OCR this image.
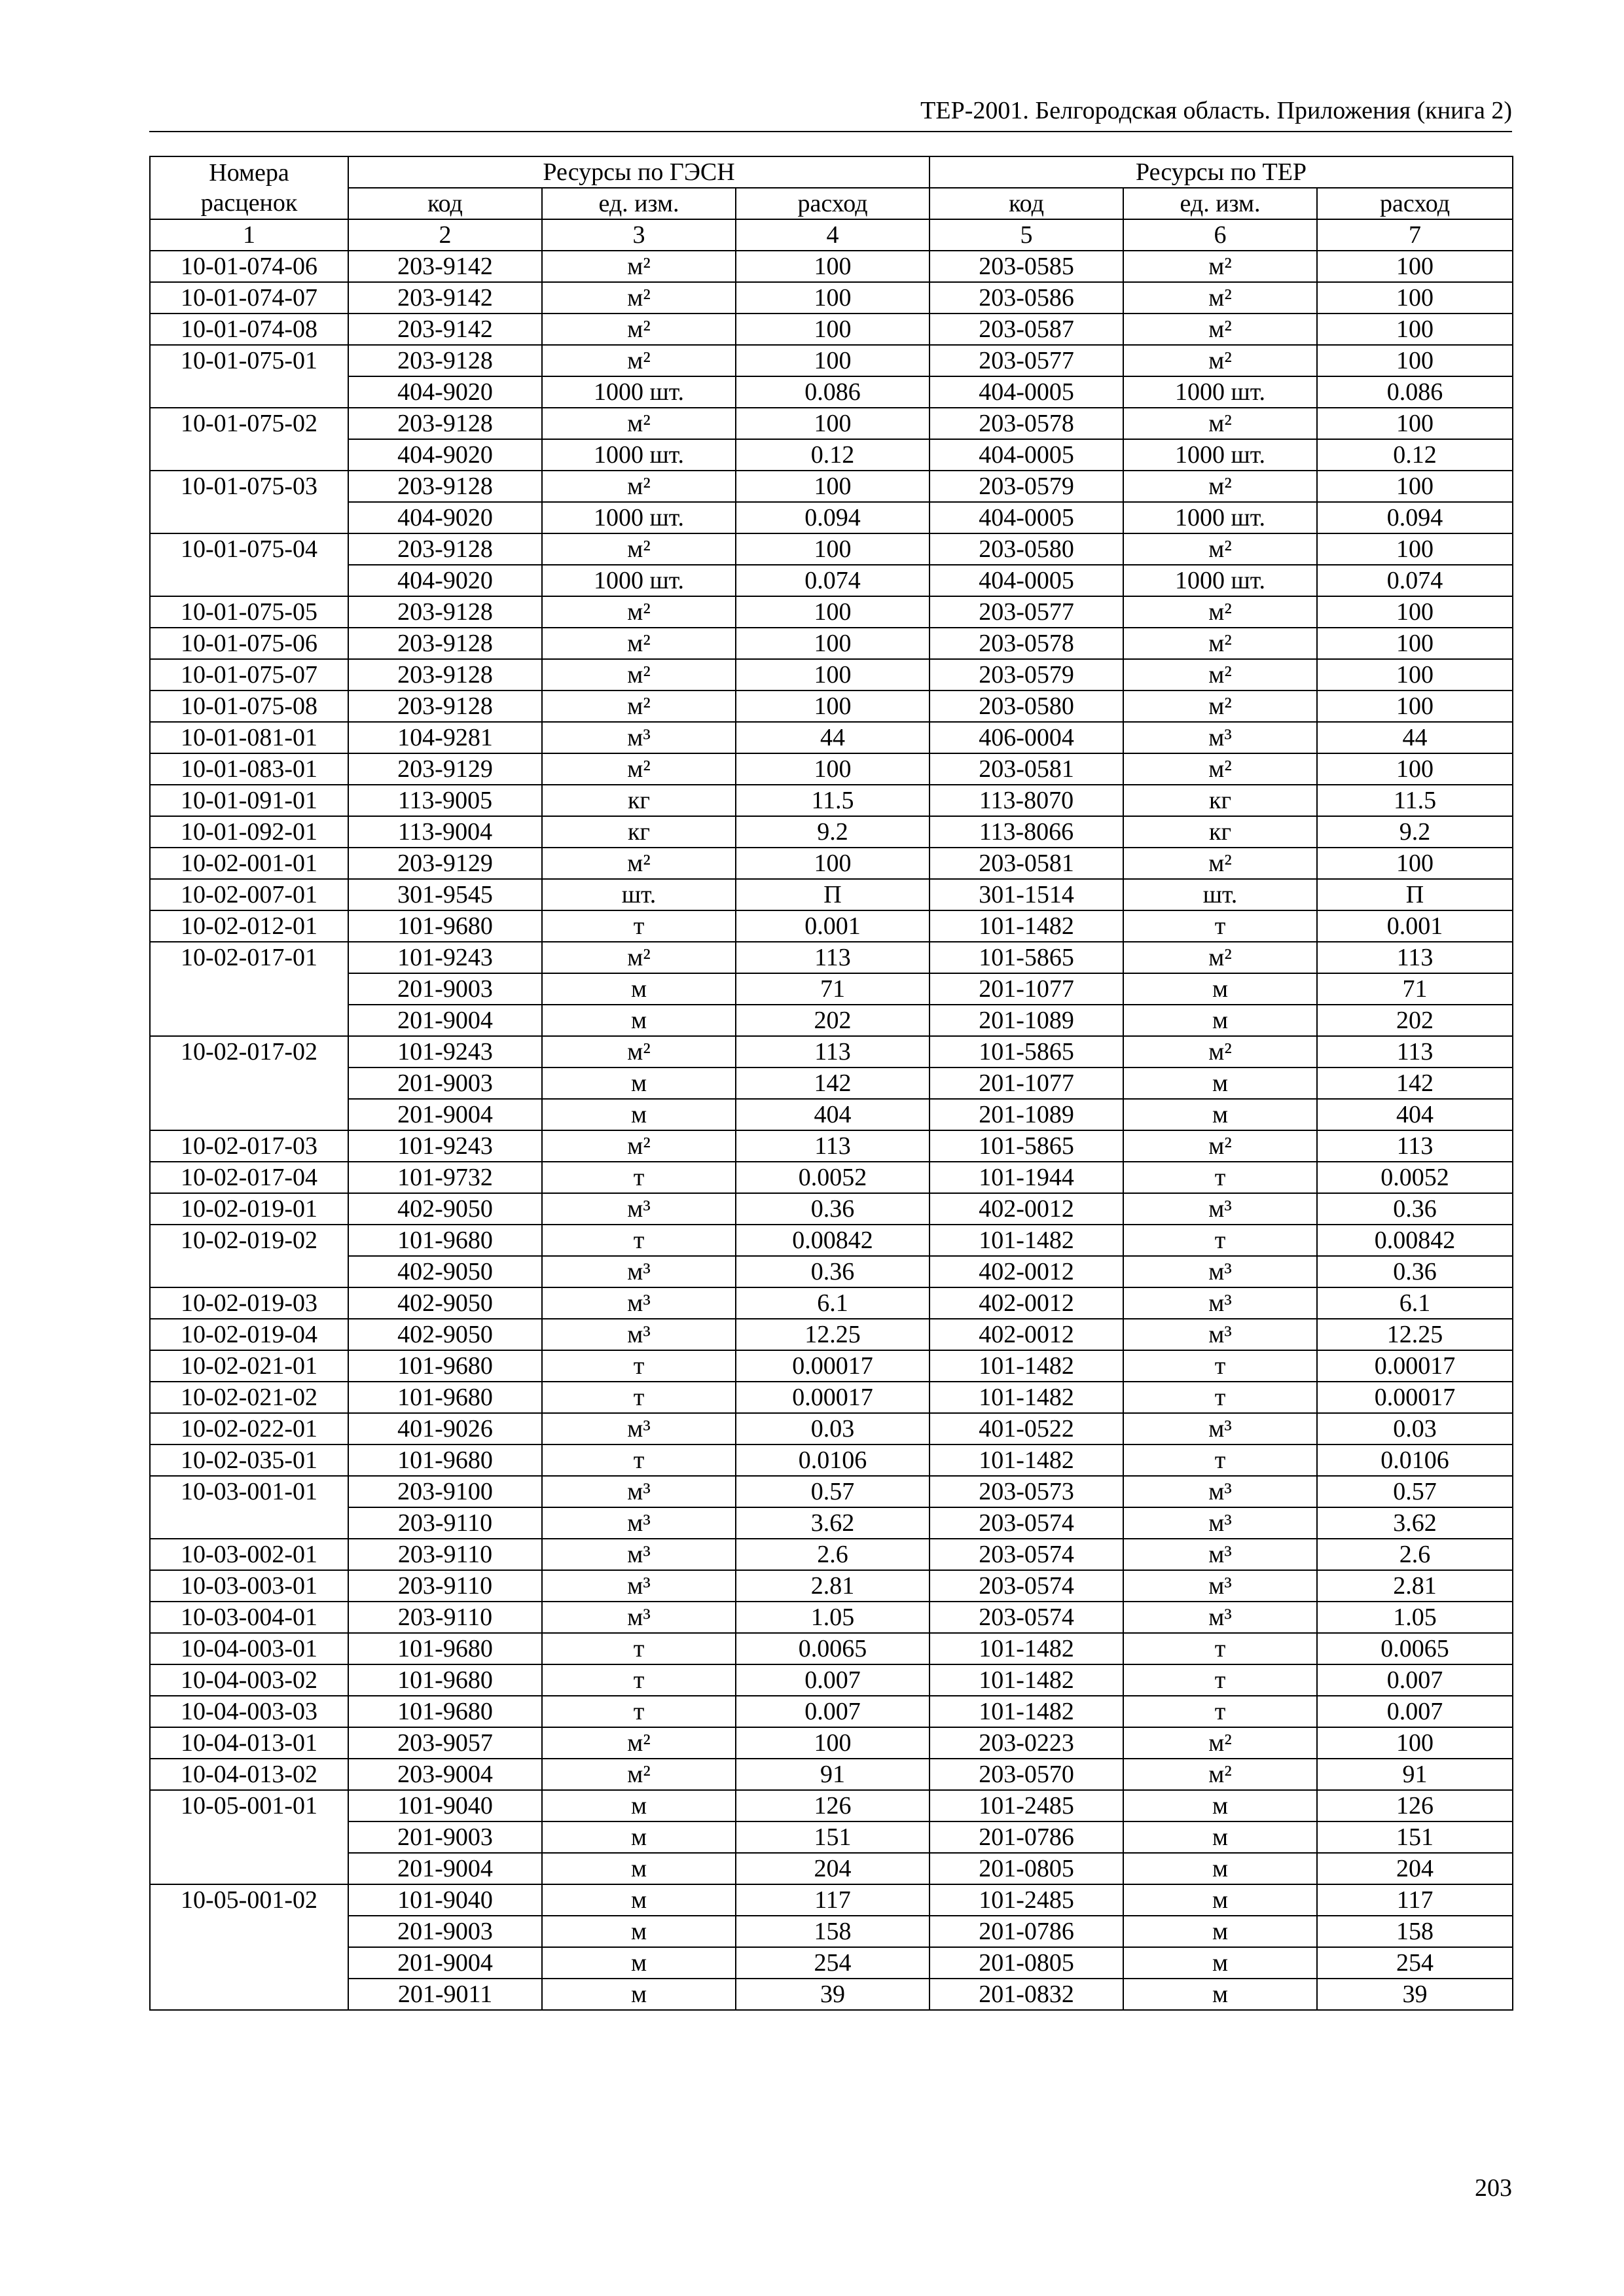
ТЕР-2001. Белгородская область. Приложения (книга 2)
Номера расценок	Ресурсы по ГЭСН			Ресурсы по ТЕР		
	код	ед. изм.	расход	код	ед. изм.	расход
1	2	3	4	5	6	7
10-01-074-06	203-9142	м²	100	203-0585	м²	100
10-01-074-07	203-9142	м²	100	203-0586	м²	100
10-01-074-08	203-9142	м²	100	203-0587	м²	100
10-01-075-01	203-9128	м²	100	203-0577	м²	100
	404-9020	1000 шт.	0.086	404-0005	1000 шт.	0.086
10-01-075-02	203-9128	м²	100	203-0578	м²	100
	404-9020	1000 шт.	0.12	404-0005	1000 шт.	0.12
10-01-075-03	203-9128	м²	100	203-0579	м²	100
	404-9020	1000 шт.	0.094	404-0005	1000 шт.	0.094
10-01-075-04	203-9128	м²	100	203-0580	м²	100
	404-9020	1000 шт.	0.074	404-0005	1000 шт.	0.074
10-01-075-05	203-9128	м²	100	203-0577	м²	100
10-01-075-06	203-9128	м²	100	203-0578	м²	100
10-01-075-07	203-9128	м²	100	203-0579	м²	100
10-01-075-08	203-9128	м²	100	203-0580	м²	100
10-01-081-01	104-9281	м³	44	406-0004	м³	44
10-01-083-01	203-9129	м²	100	203-0581	м²	100
10-01-091-01	113-9005	кг	11.5	113-8070	кг	11.5
10-01-092-01	113-9004	кг	9.2	113-8066	кг	9.2
10-02-001-01	203-9129	м²	100	203-0581	м²	100
10-02-007-01	301-9545	шт.	П	301-1514	шт.	П
10-02-012-01	101-9680	т	0.001	101-1482	т	0.001
10-02-017-01	101-9243	м²	113	101-5865	м²	113
	201-9003	м	71	201-1077	м	71
	201-9004	м	202	201-1089	м	202
10-02-017-02	101-9243	м²	113	101-5865	м²	113
	201-9003	м	142	201-1077	м	142
	201-9004	м	404	201-1089	м	404
10-02-017-03	101-9243	м²	113	101-5865	м²	113
10-02-017-04	101-9732	т	0.0052	101-1944	т	0.0052
10-02-019-01	402-9050	м³	0.36	402-0012	м³	0.36
10-02-019-02	101-9680	т	0.00842	101-1482	т	0.00842
	402-9050	м³	0.36	402-0012	м³	0.36
10-02-019-03	402-9050	м³	6.1	402-0012	м³	6.1
10-02-019-04	402-9050	м³	12.25	402-0012	м³	12.25
10-02-021-01	101-9680	т	0.00017	101-1482	т	0.00017
10-02-021-02	101-9680	т	0.00017	101-1482	т	0.00017
10-02-022-01	401-9026	м³	0.03	401-0522	м³	0.03
10-02-035-01	101-9680	т	0.0106	101-1482	т	0.0106
10-03-001-01	203-9100	м³	0.57	203-0573	м³	0.57
	203-9110	м³	3.62	203-0574	м³	3.62
10-03-002-01	203-9110	м³	2.6	203-0574	м³	2.6
10-03-003-01	203-9110	м³	2.81	203-0574	м³	2.81
10-03-004-01	203-9110	м³	1.05	203-0574	м³	1.05
10-04-003-01	101-9680	т	0.0065	101-1482	т	0.0065
10-04-003-02	101-9680	т	0.007	101-1482	т	0.007
10-04-003-03	101-9680	т	0.007	101-1482	т	0.007
10-04-013-01	203-9057	м²	100	203-0223	м²	100
10-04-013-02	203-9004	м²	91	203-0570	м²	91
10-05-001-01	101-9040	м	126	101-2485	м	126
	201-9003	м	151	201-0786	м	151
	201-9004	м	204	201-0805	м	204
10-05-001-02	101-9040	м	117	101-2485	м	117
	201-9003	м	158	201-0786	м	158
	201-9004	м	254	201-0805	м	254
	201-9011	м	39	201-0832	м	39
203
